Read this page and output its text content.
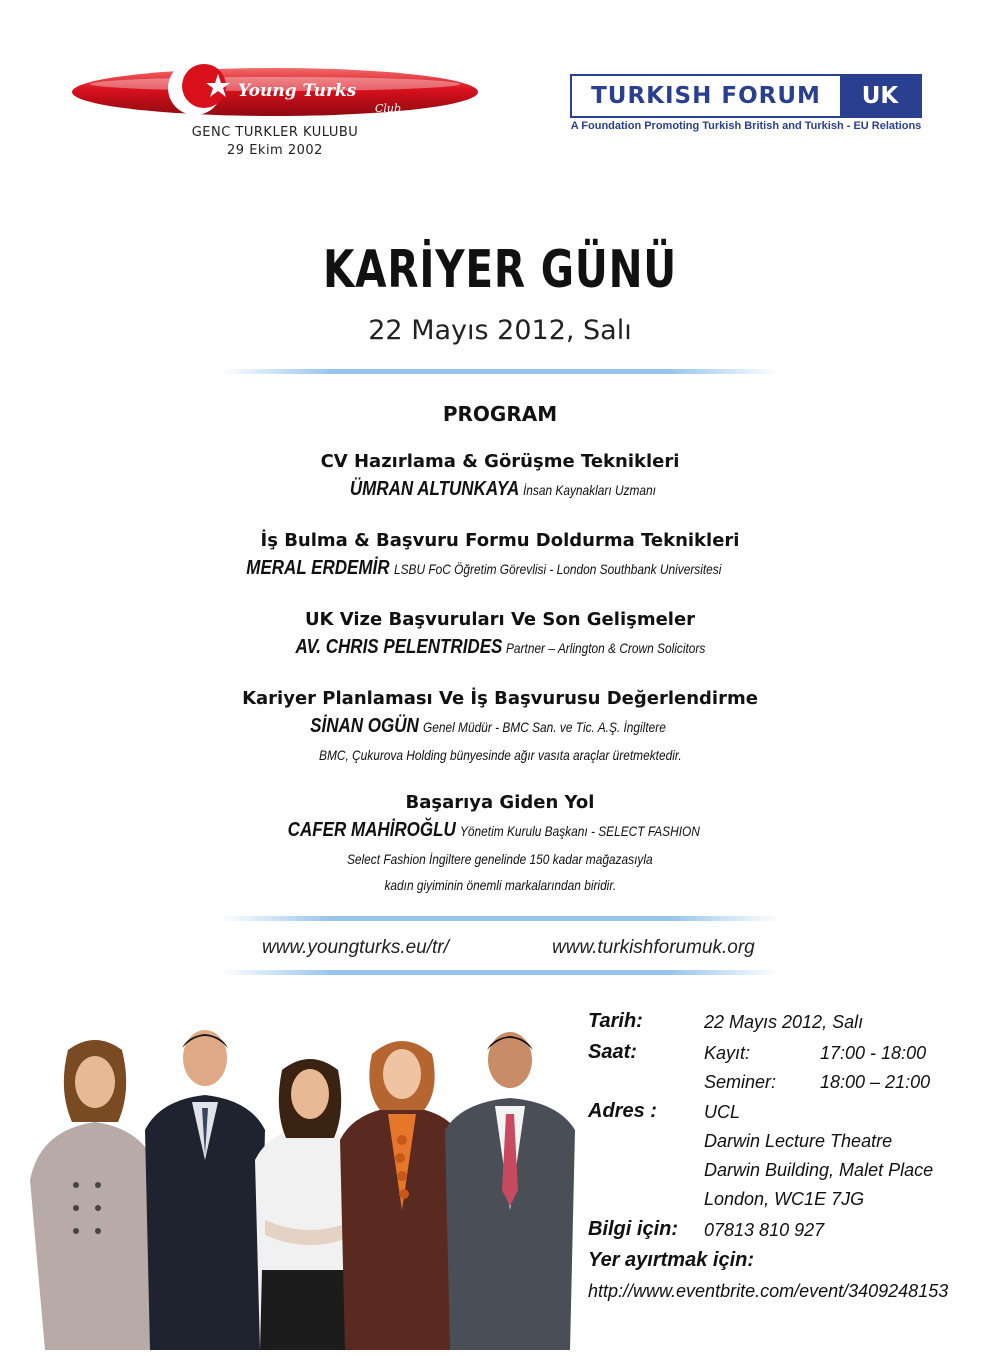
Young Turks
Club
GENC TURKLER KULUBU
29 Ekim 2002
TURKISH FORUM	UK
A Foundation Promoting Turkish British and Turkish - EU Relations
KARİYER GÜNÜ
22 Mayıs 2012, Salı
PROGRAM
CV Hazırlama & Görüşme Teknikleri
ÜMRAN ALTUNKAYA İnsan Kaynakları Uzmanı
İş Bulma & Başvuru Formu Doldurma Teknikleri
MERAL ERDEMİR LSBU FoC Öğretim Görevlisi - London Southbank Universitesi
UK Vize Başvuruları Ve Son Gelişmeler
AV. CHRIS PELENTRIDES Partner – Arlington & Crown Solicitors
Kariyer Planlaması Ve İş Başvurusu Değerlendirme
SİNAN OGÜN Genel Müdür - BMC San. ve Tic. A.Ş. İngiltere
BMC, Çukurova Holding bünyesinde ağır vasıta araçlar üretmektedir.
Başarıya Giden Yol
CAFER MAHİROĞLU Yönetim Kurulu Başkanı - SELECT FASHION
Select Fashion İngiltere genelinde 150 kadar mağazasıyla
kadın giyiminin önemli markalarından biridir.
www.youngturks.eu/tr/	www.turkishforumuk.org
Tarih:	22 Mayıs 2012, Salı
Saat:	Kayıt:	17:00 - 18:00
Seminer: 18:00 – 21:00
Adres :	UCL
Darwin Lecture Theatre
Darwin Building, Malet Place
London, WC1E 7JG
Bilgi için: 07813 810 927
Yer ayırtmak için:
http://www.eventbrite.com/event/3409248153
